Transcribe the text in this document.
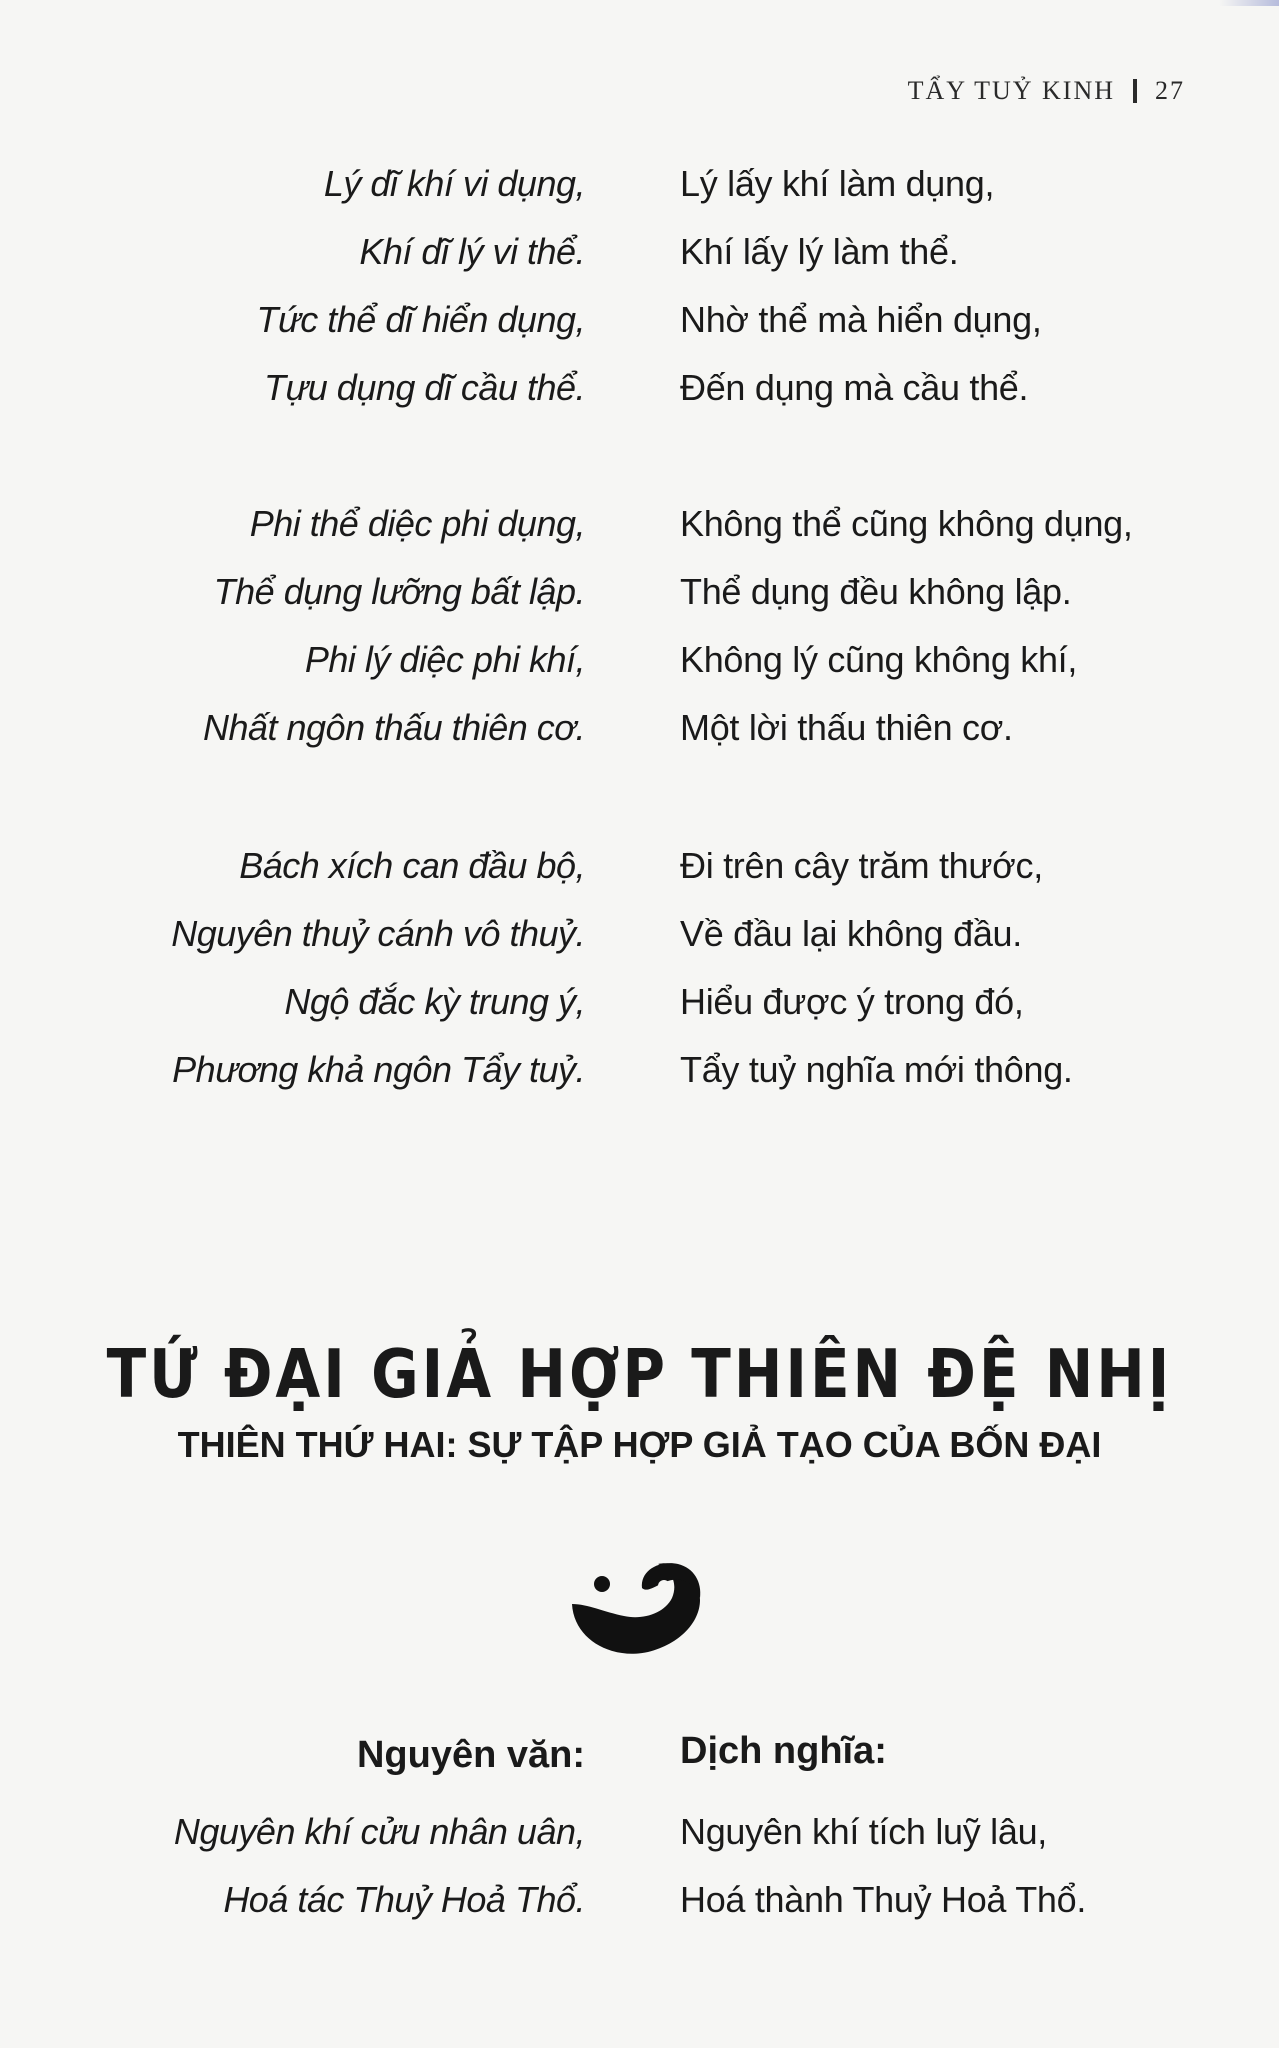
TẨY TUỶ KINH 27
Lý dĩ khí vi dụng,	Lý lấy khí làm dụng,
Khí dĩ lý vi thể.	Khí lấy lý làm thể.
Tức thể dĩ hiển dụng,	Nhờ thể mà hiển dụng,
Tựu dụng dĩ cầu thể.	Đến dụng mà cầu thể.
Phi thể diệc phi dụng,	Không thể cũng không dụng,
Thể dụng lưỡng bất lập.	Thể dụng đều không lập.
Phi lý diệc phi khí,	Không lý cũng không khí,
Nhất ngôn thấu thiên cơ.	Một lời thấu thiên cơ.
Bách xích can đầu bộ,	Đi trên cây trăm thước,
Nguyên thuỷ cánh vô thuỷ.	Về đầu lại không đầu.
Ngộ đắc kỳ trung ý,	Hiểu được ý trong đó,
Phương khả ngôn Tẩy tuỷ.	Tẩy tuỷ nghĩa mới thông.
TỨ ĐẠI GIẢ HỢP THIÊN ĐỆ NHỊ
THIÊN THỨ HAI: SỰ TẬP HỢP GIẢ TẠO CỦA BỐN ĐẠI
Nguyên văn:	Dịch nghĩa:
Nguyên khí cửu nhân uân,	Nguyên khí tích luỹ lâu,
Hoá tác Thuỷ Hoả Thổ.	Hoá thành Thuỷ Hoả Thổ.
